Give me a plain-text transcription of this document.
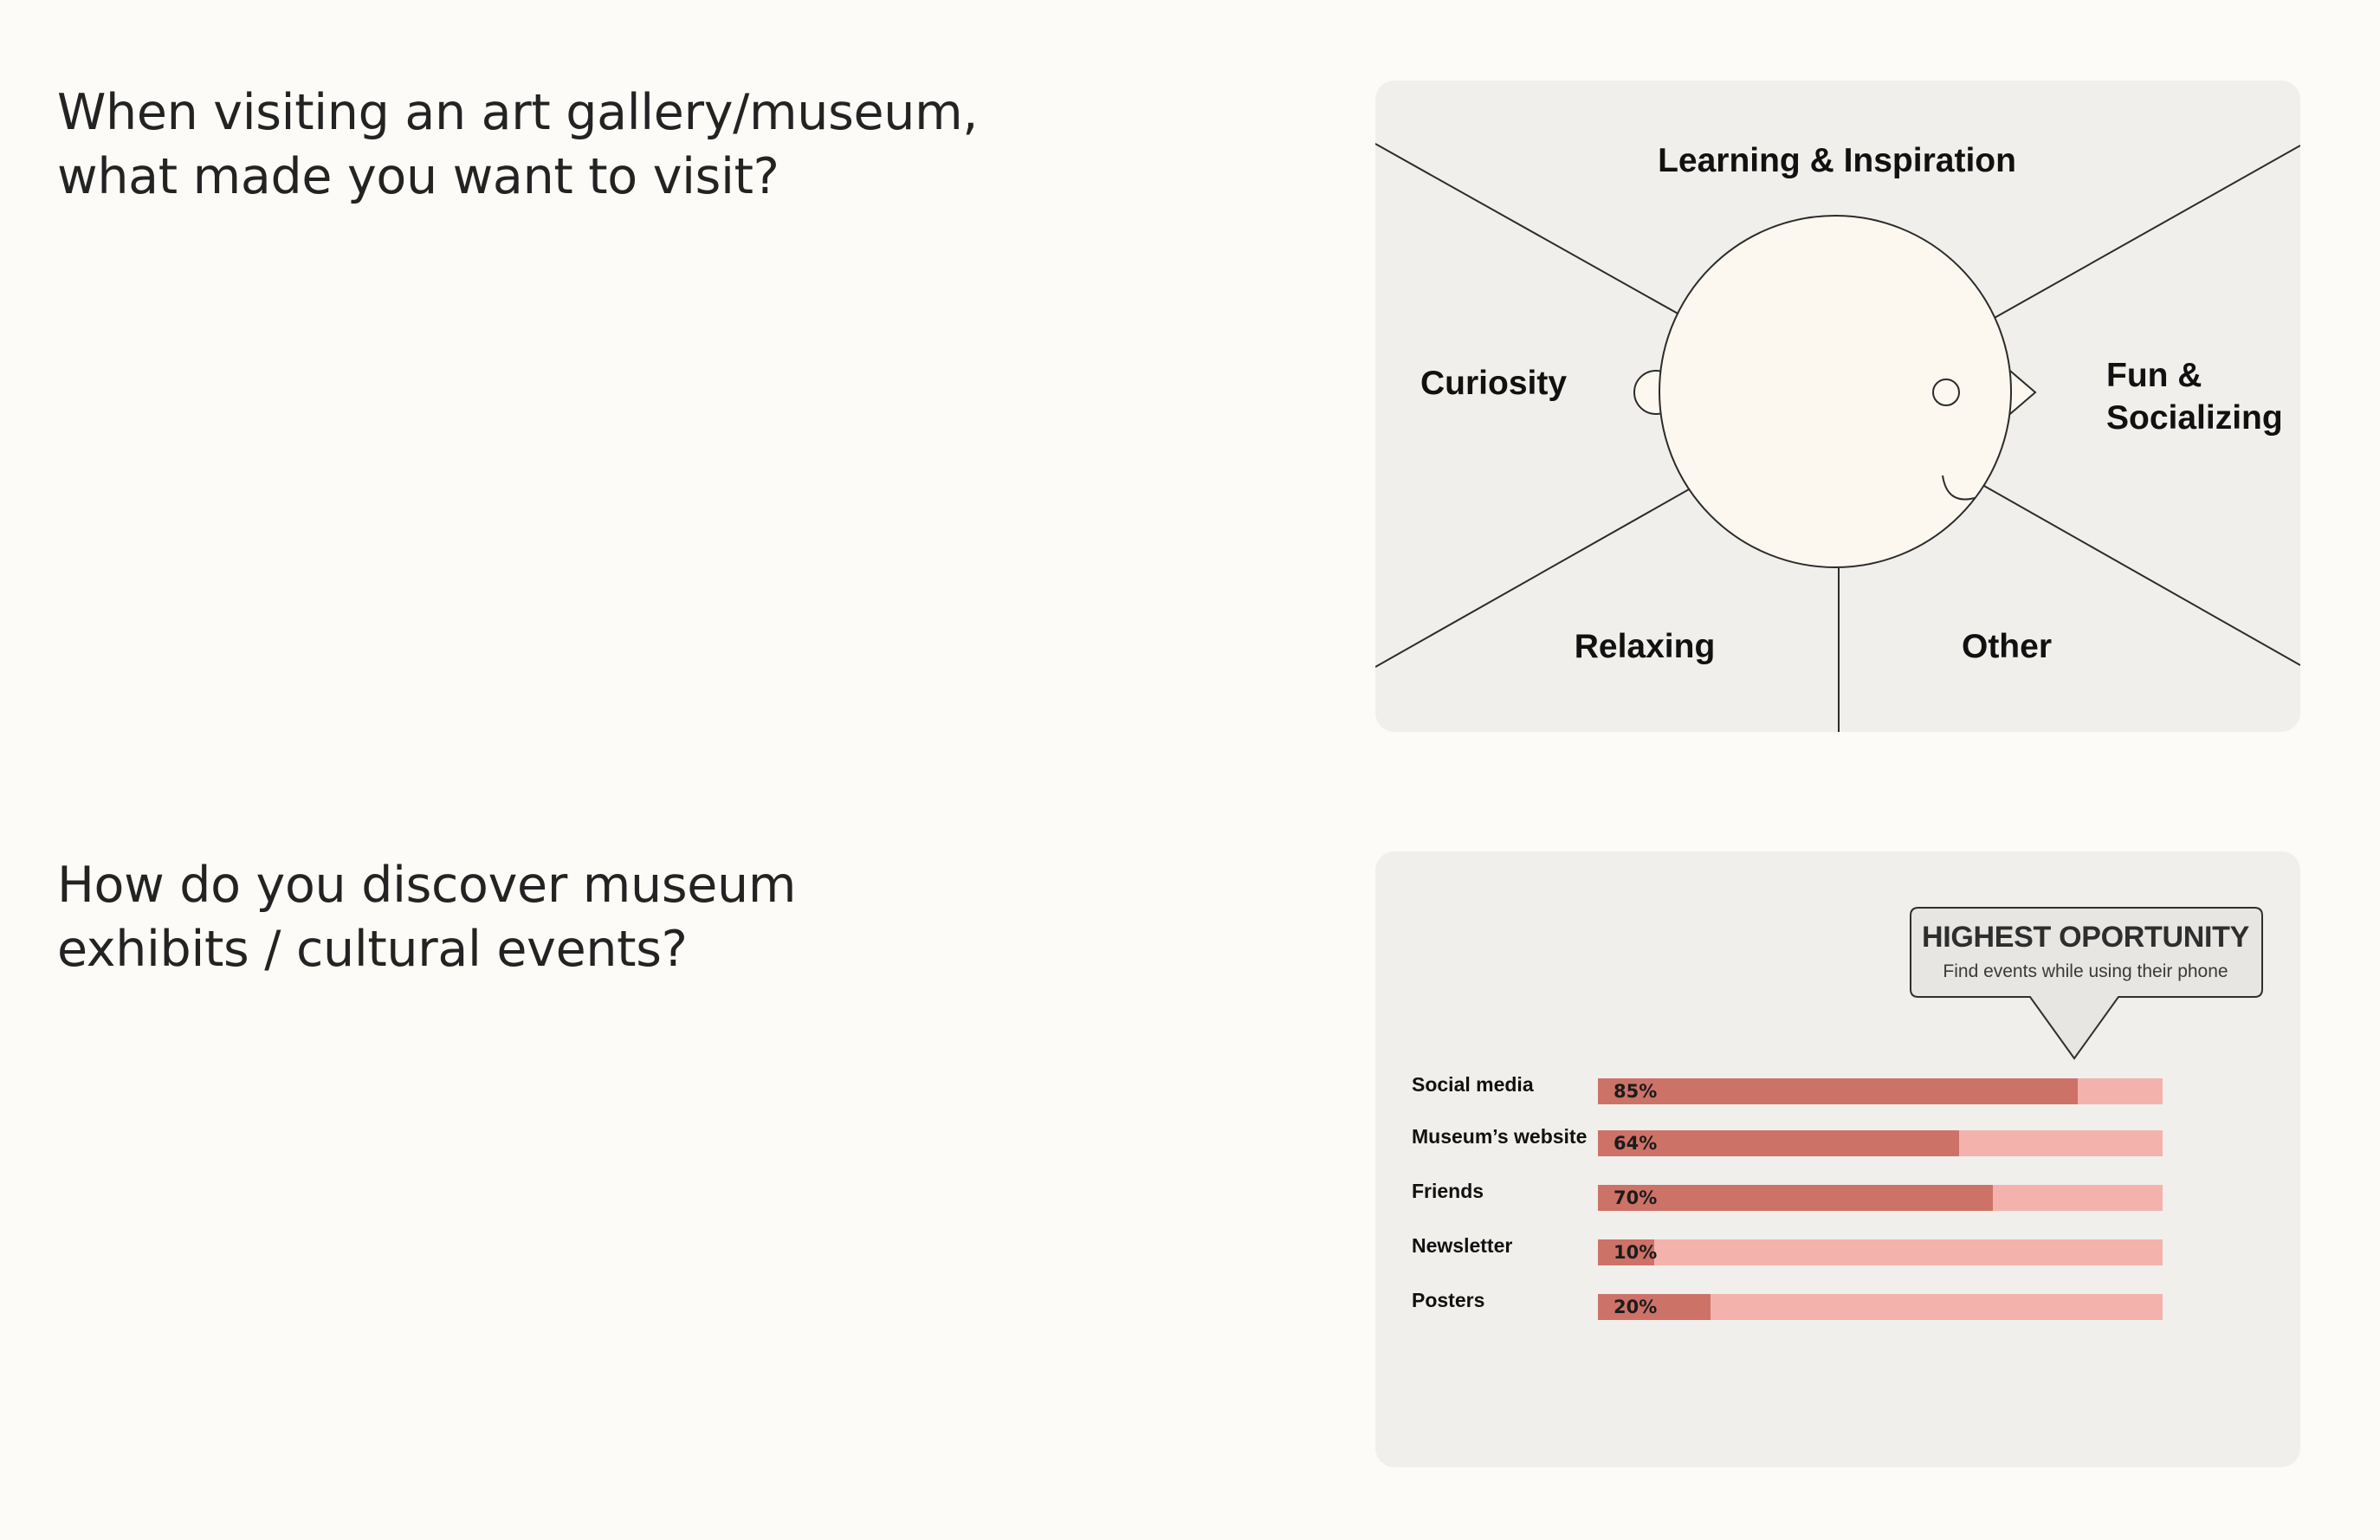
When visiting an art gallery/museum,
what made you want to visit?	Learning & Inspiration
Curiosity	Fun &
Socializing
Relaxing	Other
How do you discover museum
exhibits / cultural events?	HIGHEST OPORTUNITY
Find events while using their phone
Social media	85%
Museum’s website 64%
Friends	70%
Newsletter	10%
Posters	20%
